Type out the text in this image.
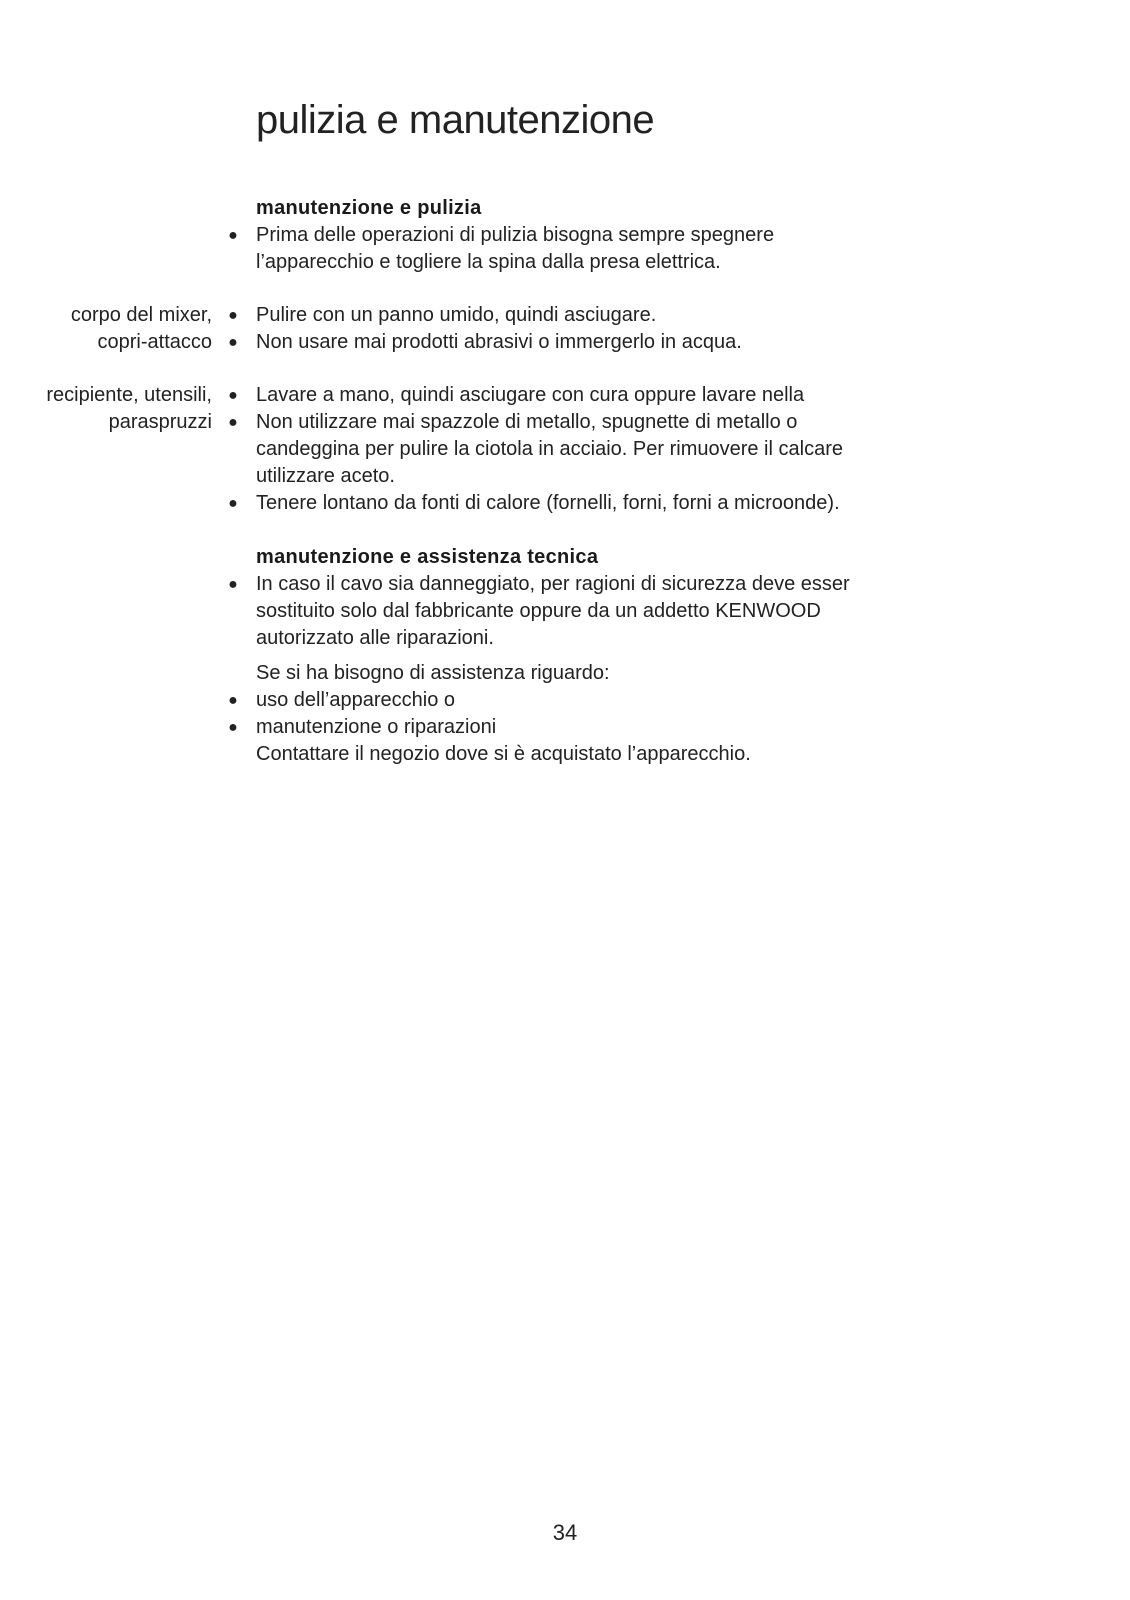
pulizia e manutenzione
manutenzione e pulizia
● Prima delle operazioni di pulizia bisogna sempre spegnere l’apparecchio e togliere la spina dalla presa elettrica.
corpo del mixer, ● Pulire con un panno umido, quindi asciugare.
copri-attacco ● Non usare mai prodotti abrasivi o immergerlo in acqua.
recipiente, utensili, ● Lavare a mano, quindi asciugare con cura oppure lavare nella
paraspruzzi ● Non utilizzare mai spazzole di metallo, spugnette di metallo o candeggina per pulire la ciotola in acciaio. Per rimuovere il calcare utilizzare aceto.
● Tenere lontano da fonti di calore (fornelli, forni, forni a microonde).
manutenzione e assistenza tecnica
● In caso il cavo sia danneggiato, per ragioni di sicurezza deve esser sostituito solo dal fabbricante oppure da un addetto KENWOOD autorizzato alle riparazioni.
Se si ha bisogno di assistenza riguardo:
● uso dell’apparecchio o
● manutenzione o riparazioni
Contattare il negozio dove si è acquistato l’apparecchio.
34
